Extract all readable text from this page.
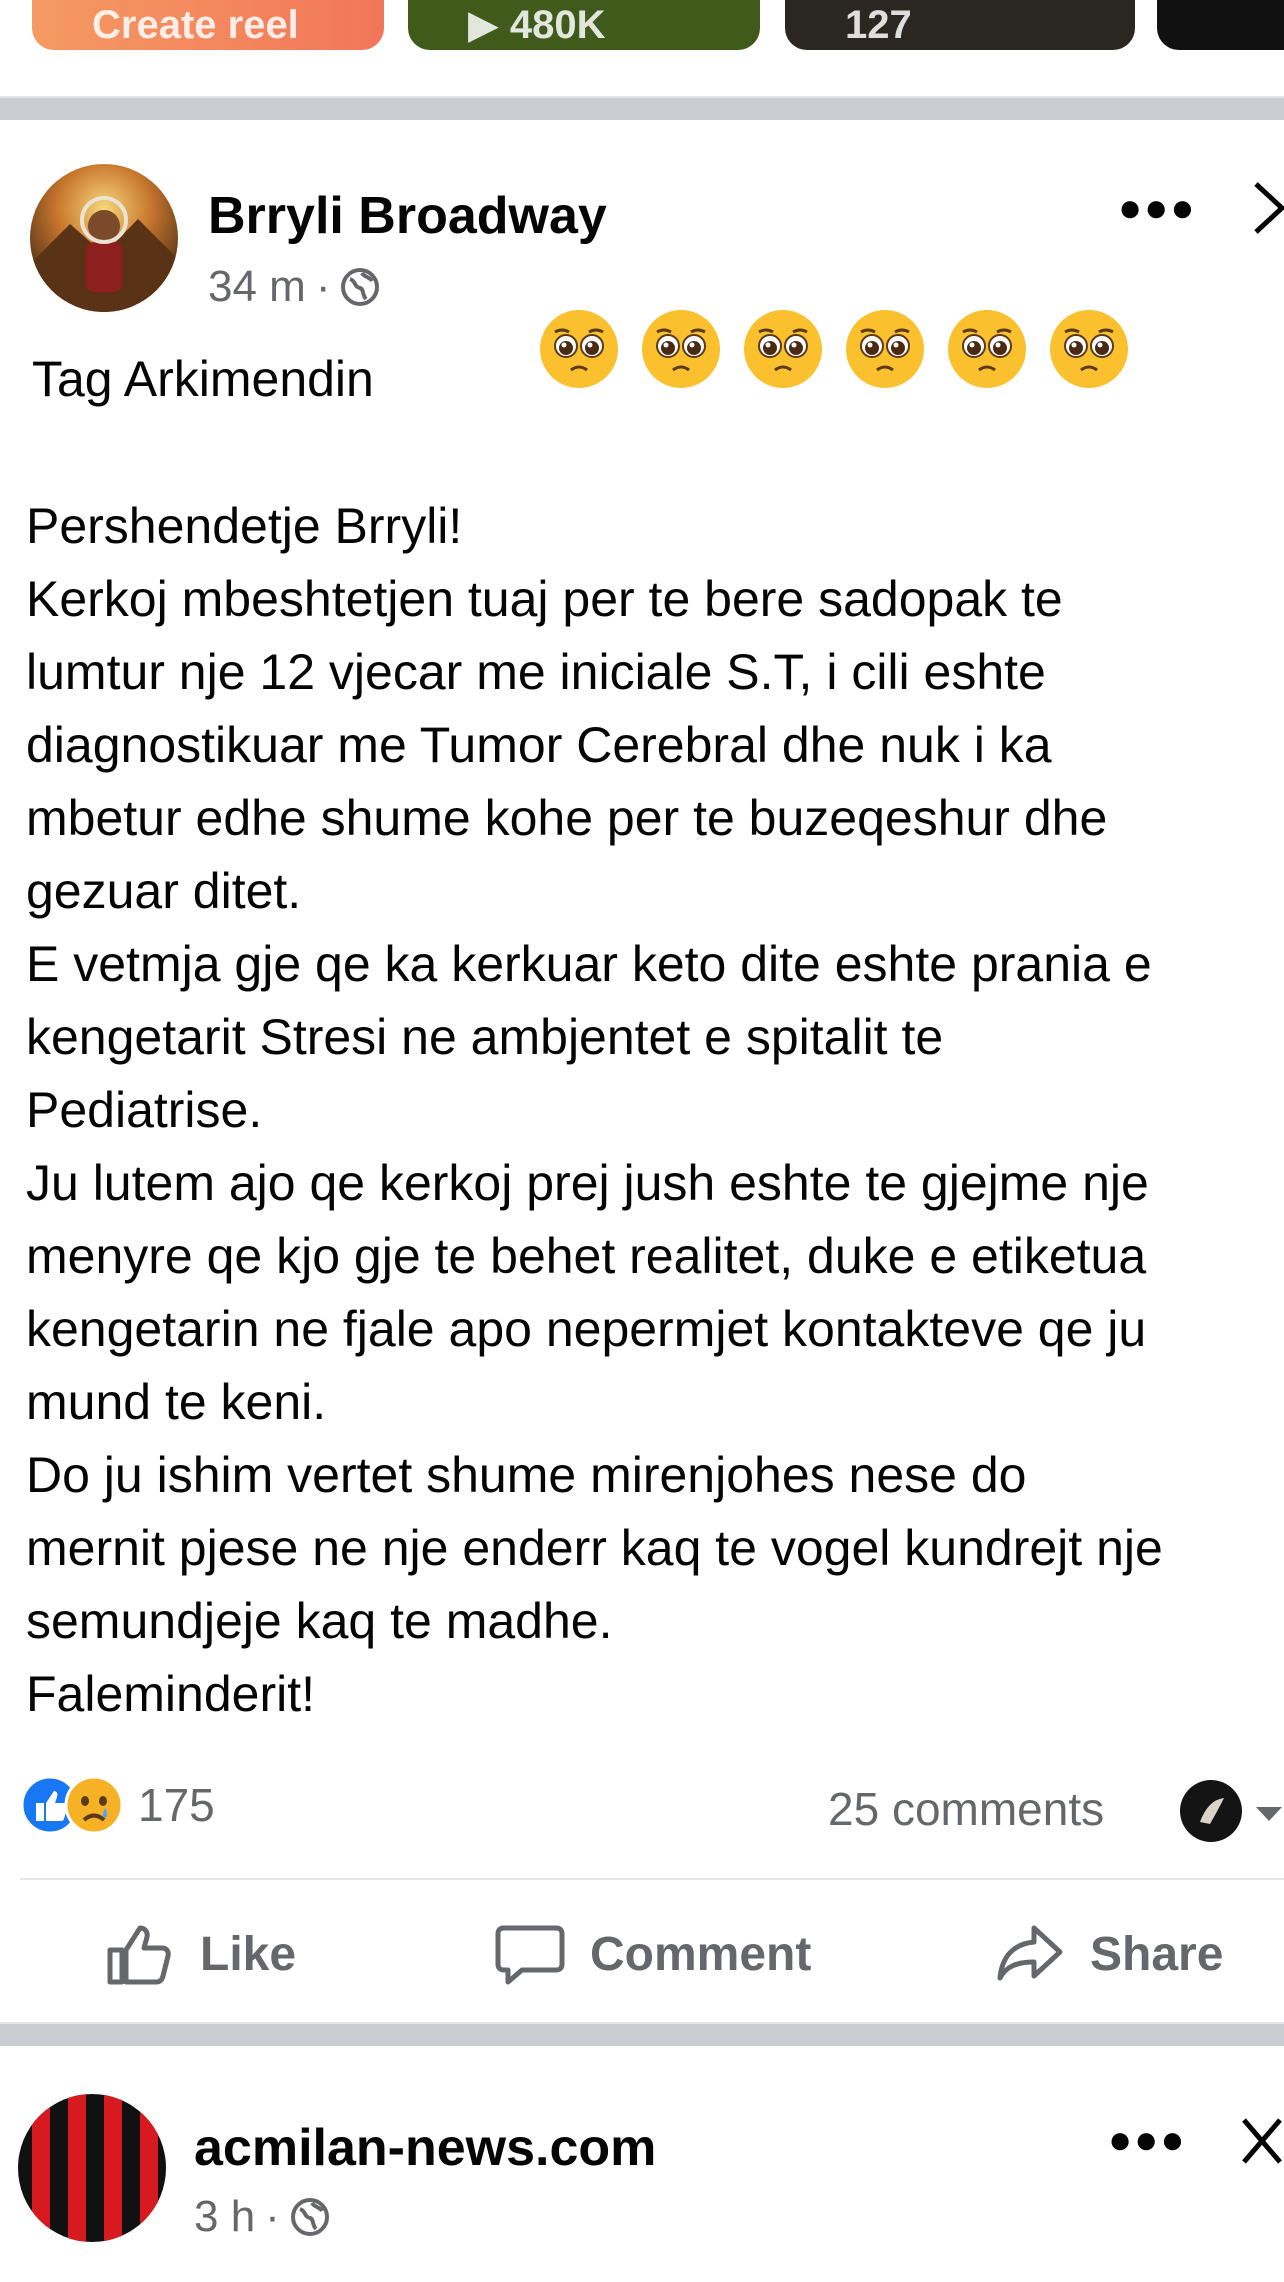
Create reel	▶ 480K	127
Brryli Broadway
34 m ·
●●●
Tag Arkimendin

Pershendetje Brryli!

Kerkoj mbeshtetjen tuaj per te bere sadopak te

lumtur nje 12 vjecar me iniciale S.T, i cili eshte

diagnostikuar me Tumor Cerebral dhe nuk i ka

mbetur edhe shume kohe per te buzeqeshur dhe

gezuar ditet.

E vetmja gje qe ka kerkuar keto dite eshte prania e

kengetarit Stresi ne ambjentet e spitalit te

Pediatrise.

Ju lutem ajo qe kerkoj prej jush eshte te gjejme nje

menyre qe kjo gje te behet realitet, duke e etiketua

kengetarin ne fjale apo nepermjet kontakteve qe ju

mund te keni.

Do ju ishim vertet shume mirenjohes nese do

mernit pjese ne nje enderr kaq te vogel kundrejt nje

semundjeje kaq te madhe.

Faleminderit!

175	25 comments
Like	Comment	Share
acmilan-news.com
3 h ·
●●●
